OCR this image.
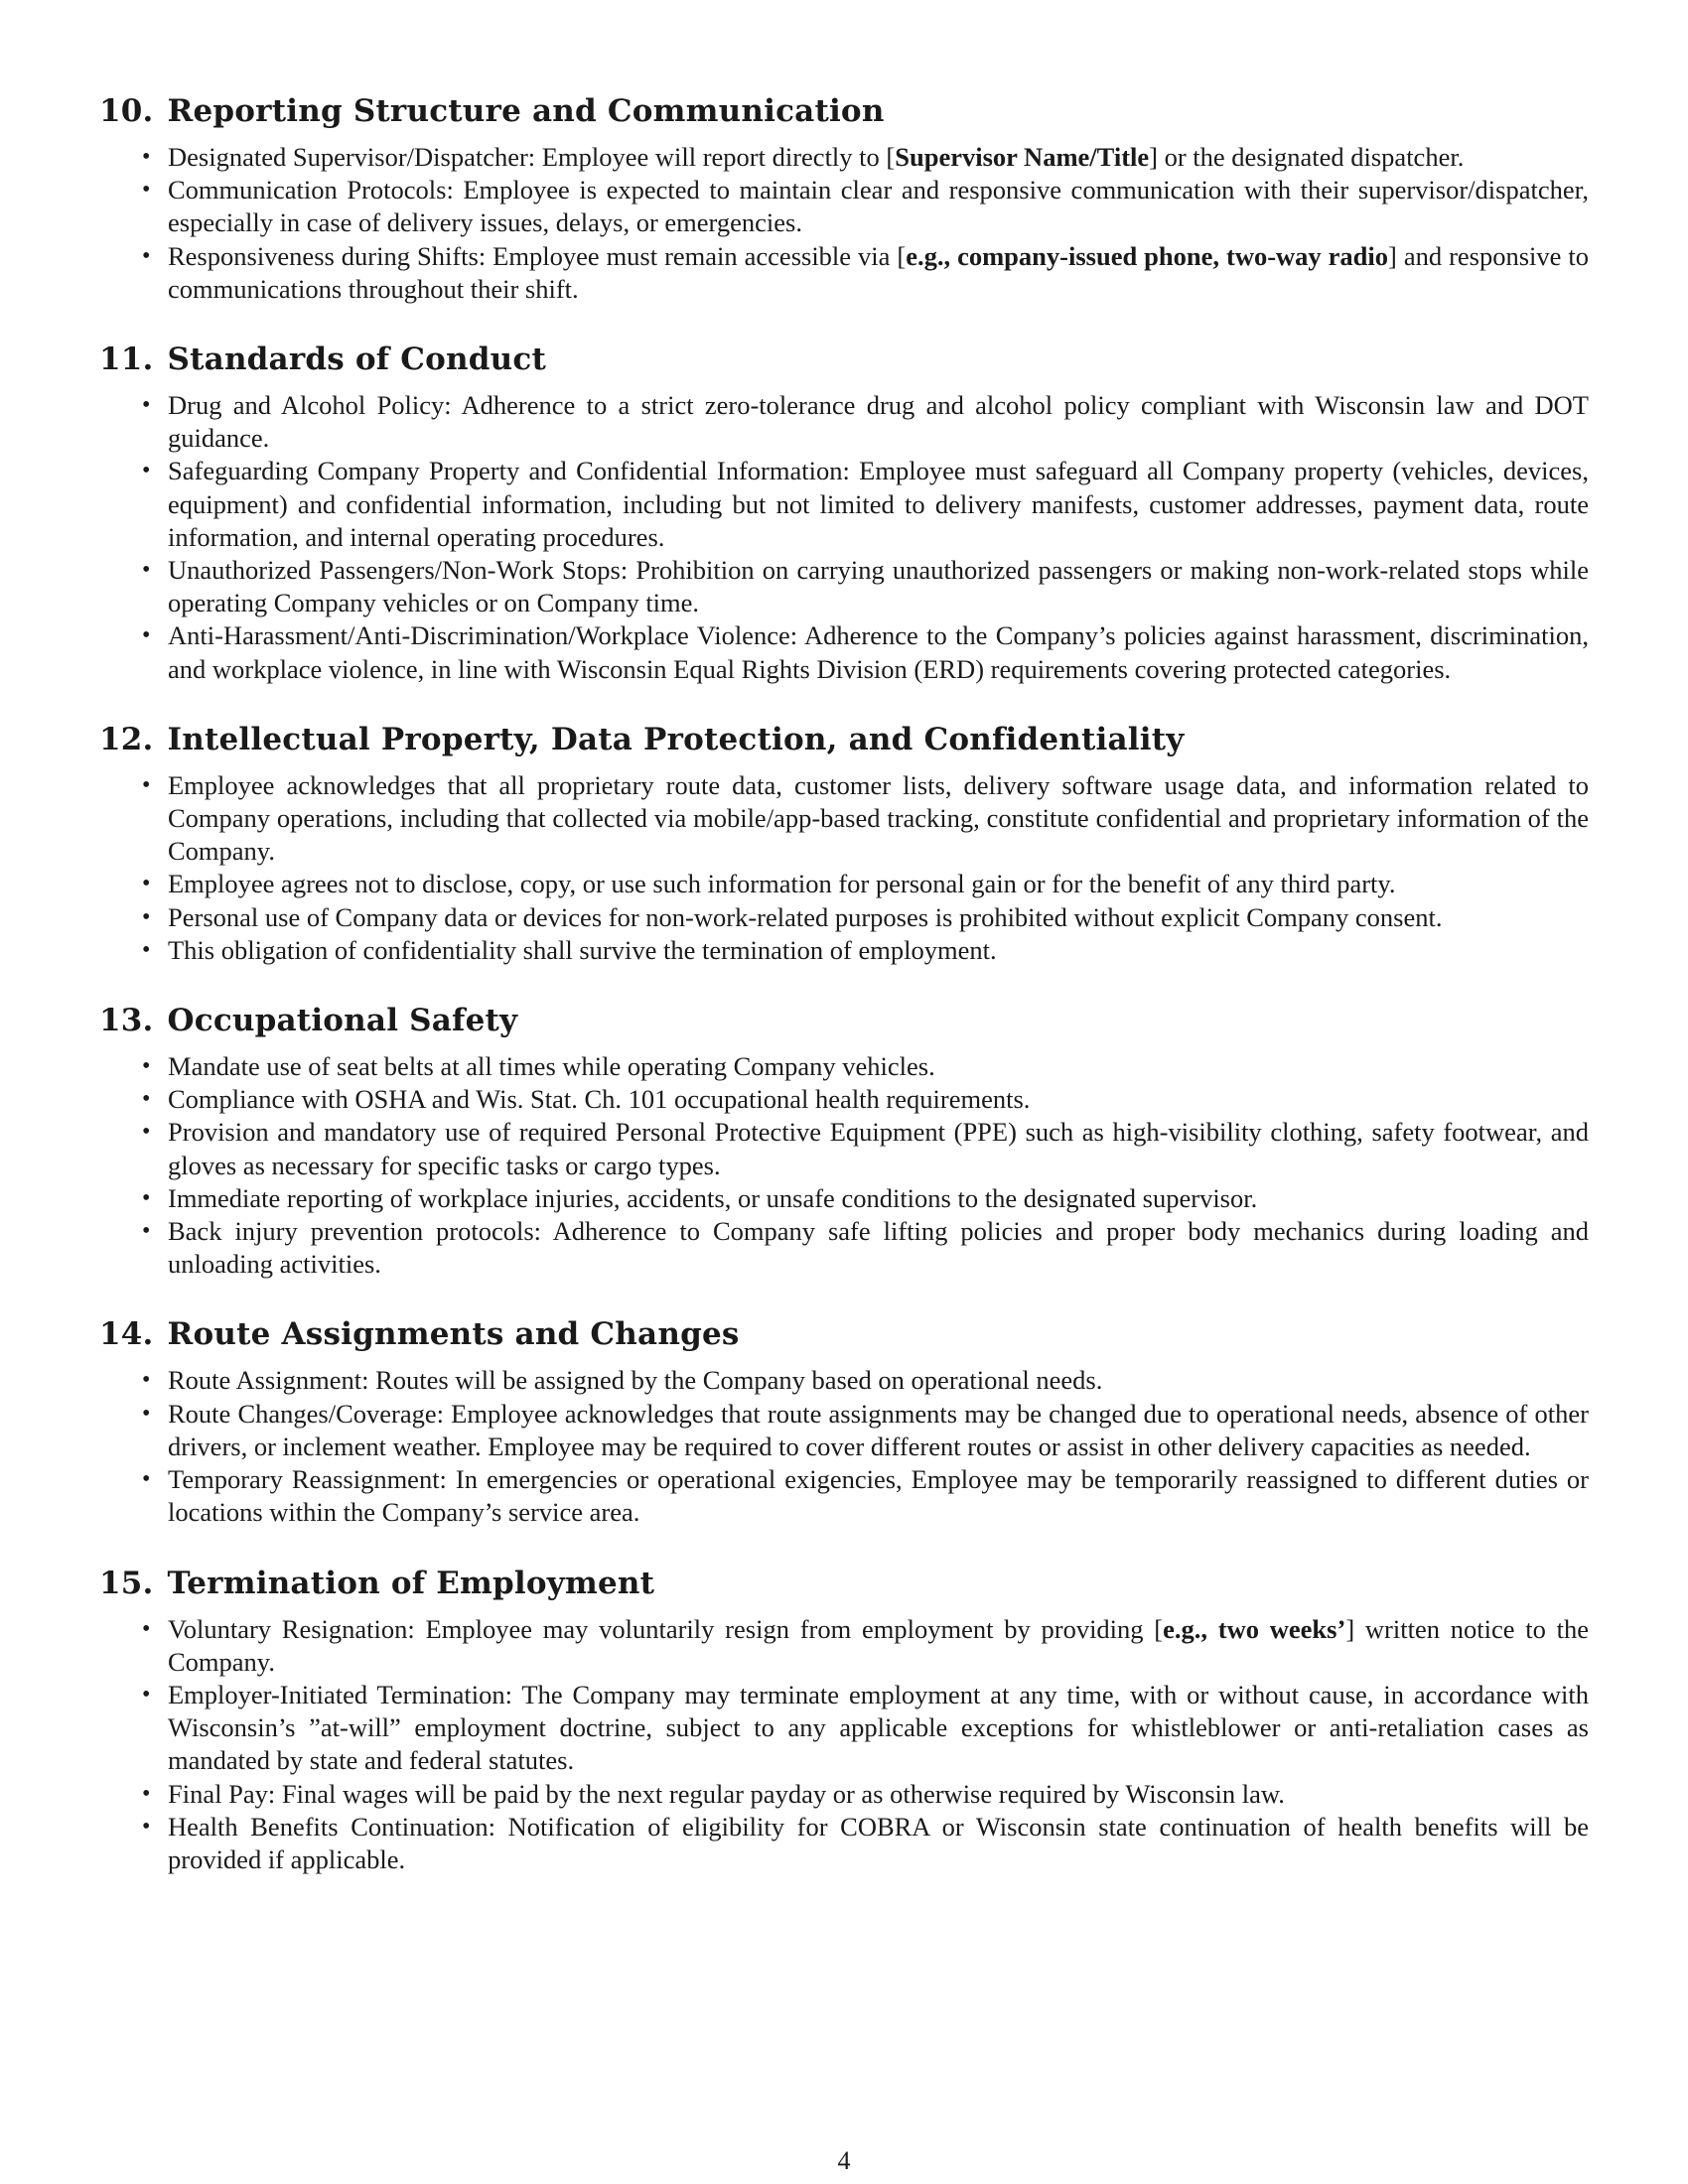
10. Reporting Structure and Communication
• Designated Supervisor/Dispatcher: Employee will report directly to [Supervisor Name/Title] or the designated dispatcher.
• Communication Protocols: Employee is expected to maintain clear and responsive communication with their supervisor/dispatcher, especially in case of delivery issues, delays, or emergencies.
• Responsiveness during Shifts: Employee must remain accessible via [e.g., company-issued phone, two-way radio] and responsive to communications throughout their shift.
11. Standards of Conduct
• Drug and Alcohol Policy: Adherence to a strict zero-tolerance drug and alcohol policy compliant with Wisconsin law and DOT guidance.
• Safeguarding Company Property and Confidential Information: Employee must safeguard all Company property (vehicles, devices, equipment) and confidential information, including but not limited to delivery manifests, customer addresses, payment data, route information, and internal operating procedures.
• Unauthorized Passengers/Non-Work Stops: Prohibition on carrying unauthorized passengers or making non-work-related stops while operating Company vehicles or on Company time.
• Anti-Harassment/Anti-Discrimination/Workplace Violence: Adherence to the Company’s policies against harassment, discrimination, and workplace violence, in line with Wisconsin Equal Rights Division (ERD) requirements covering protected categories.
12. Intellectual Property, Data Protection, and Confidentiality
• Employee acknowledges that all proprietary route data, customer lists, delivery software usage data, and information related to Company operations, including that collected via mobile/app-based tracking, constitute confidential and proprietary information of the Company.
• Employee agrees not to disclose, copy, or use such information for personal gain or for the benefit of any third party.
• Personal use of Company data or devices for non-work-related purposes is prohibited without explicit Company consent.
• This obligation of confidentiality shall survive the termination of employment.
13. Occupational Safety
• Mandate use of seat belts at all times while operating Company vehicles.
• Compliance with OSHA and Wis. Stat. Ch. 101 occupational health requirements.
• Provision and mandatory use of required Personal Protective Equipment (PPE) such as high-visibility clothing, safety footwear, and gloves as necessary for specific tasks or cargo types.
• Immediate reporting of workplace injuries, accidents, or unsafe conditions to the designated supervisor.
• Back injury prevention protocols: Adherence to Company safe lifting policies and proper body mechanics during loading and unloading activities.
14. Route Assignments and Changes
• Route Assignment: Routes will be assigned by the Company based on operational needs.
• Route Changes/Coverage: Employee acknowledges that route assignments may be changed due to operational needs, absence of other drivers, or inclement weather. Employee may be required to cover different routes or assist in other delivery capacities as needed.
• Temporary Reassignment: In emergencies or operational exigencies, Employee may be temporarily reassigned to different duties or locations within the Company’s service area.
15. Termination of Employment
• Voluntary Resignation: Employee may voluntarily resign from employment by providing [e.g., two weeks’] written notice to the Company.
• Employer-Initiated Termination: The Company may terminate employment at any time, with or without cause, in accordance with Wisconsin’s ”at-will” employment doctrine, subject to any applicable exceptions for whistleblower or anti-retaliation cases as mandated by state and federal statutes.
• Final Pay: Final wages will be paid by the next regular payday or as otherwise required by Wisconsin law.
• Health Benefits Continuation: Notification of eligibility for COBRA or Wisconsin state continuation of health benefits will be provided if applicable.
4
